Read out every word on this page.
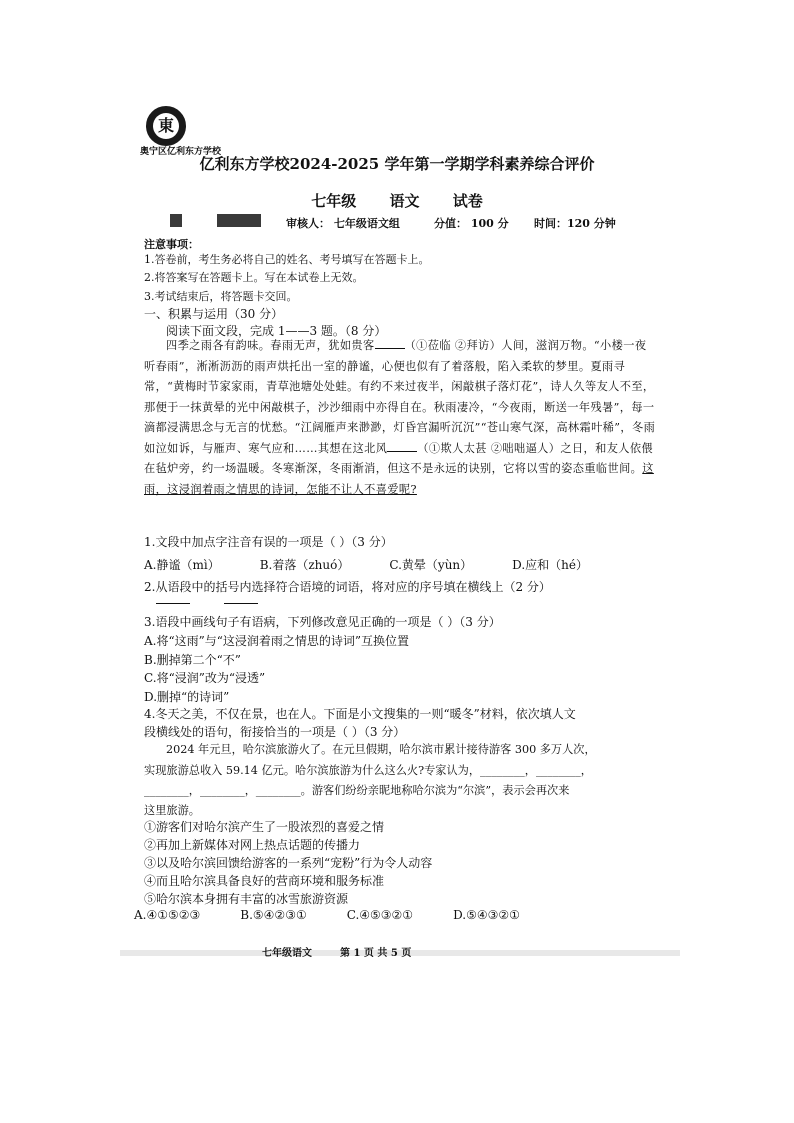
東
奥宁区亿利东方学校
亿利东方学校2024-2025 学年第一学期学科素养综合评价
七年级 语文 试卷
审核人： 七年级语文组	分值： 100 分 时间：120 分钟
注意事项：
1.答卷前，考生务必将自己的姓名、考号填写在答题卡上。
2.将答案写在答题卡上。写在本试卷上无效。
3.考试结束后，将答题卡交回。
一、积累与运用（30 分）
阅读下面文段，完成 1——3 题。（8 分）
四季之雨各有韵味。春雨无声，犹如贵客	（①莅临 ②拜访）人间，滋润万物。“小楼一夜听春雨”，淅淅沥沥的雨声烘托出一室的静谧，心便也似有了着落般，陷入柔软的梦里。夏雨寻常，“黄梅时节家家雨，青草池塘处处蛙。有约不来过夜半，闲敲棋子落灯花”，诗人久等友人不至，那便于一抹黄晕的光中闲敲棋子，沙沙细雨中亦得自在。秋雨凄冷，“今夜雨，断送一年残暑”，每一滴都浸满思念与无言的忧愁。“江阔雁声来渺渺，灯昏宫漏听沉沉”“苍山寒气深，高林霜叶稀”，冬雨如泣如诉，与雁声、寒气应和……其想在这北风	（①欺人太甚 ②咄咄逼人）之日，和友人依偎在毡炉旁，约一场温暖。冬寒渐深，冬雨渐消，但这不是永远的诀别，它将以雪的姿态重临世间。这雨，这浸润着雨之情思的诗词，怎能不让人不喜爱呢?
1.文段中加点字注音有误的一项是（ ）（3 分）
A.静谧（mì）	B.着落（zhuó）	C.黄晕（yùn）	D.应和（hé）
2.从语段中的括号内选择符合语境的词语，将对应的序号填在横线上（2 分）
3.语段中画线句子有语病，下列修改意见正确的一项是（ ）（3 分）
A.将“这雨”与“这浸润着雨之情思的诗词”互换位置
B.删掉第二个“不”
C.将“浸润”改为“浸透”
D.删掉“的诗词”
4.冬天之美，不仅在景，也在人。下面是小文搜集的一则“暖冬”材料，依次填人文
段横线处的语句，衔接恰当的一项是（ ）（3 分）
2024 年元旦，哈尔滨旅游火了。在元旦假期，哈尔滨市累计接待游客 300 多万人次，
实现旅游总收入 59.14 亿元。哈尔滨旅游为什么这么火?专家认为，________，________，
________，________，________。游客们纷纷亲昵地称哈尔滨为“尔滨”，表示会再次来
这里旅游。
①游客们对哈尔滨产生了一股浓烈的喜爱之情
②再加上新媒体对网上热点话题的传播力
③以及哈尔滨回馈给游客的一系列“宠粉”行为令人动容
④而且哈尔滨具备良好的营商环境和服务标准
⑤哈尔滨本身拥有丰富的冰雪旅游资源
A.④①⑤②③	B.⑤④②③①	C.④⑤③②①	D.⑤④③②①
七年级语文	第 1 页 共 5 页
